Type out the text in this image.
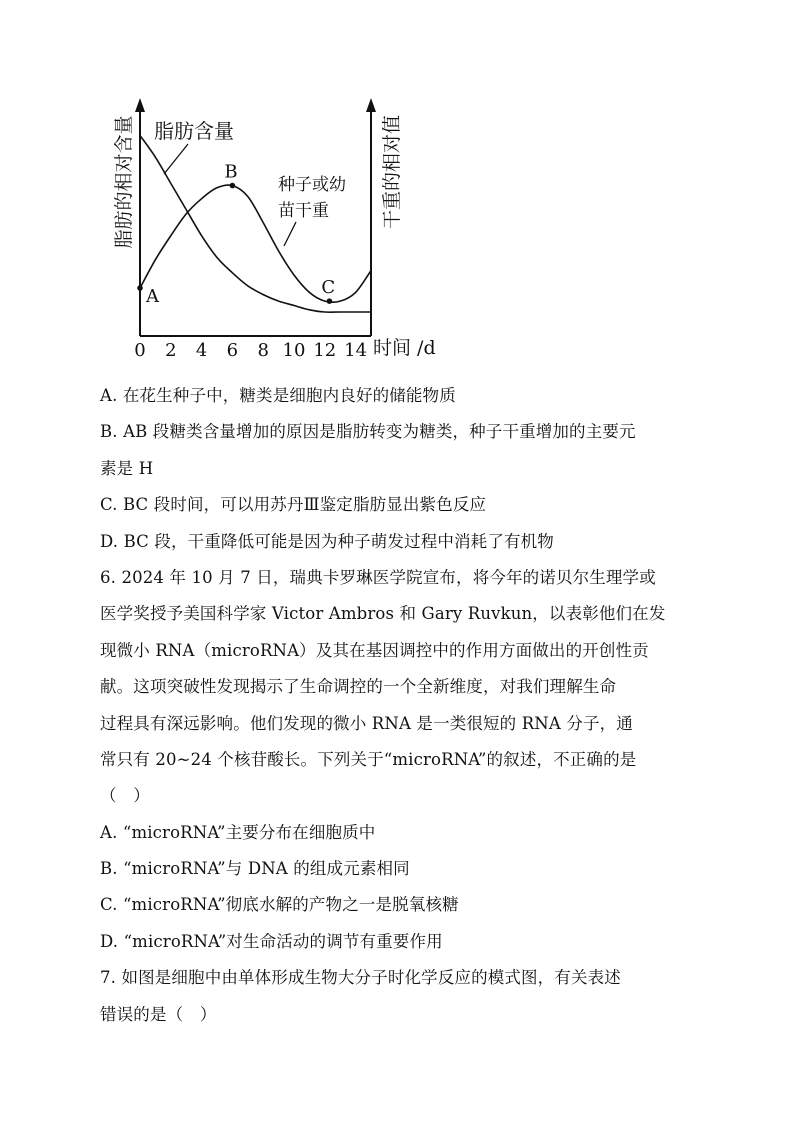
脂肪的相对含量	干重的相对值
时间 /d
脂肪含量
种子或幼
苗干重
0 2 4 6 8 10 12 14
A
B
C
A. 在花生种子中，糖类是细胞内良好的储能物质
B. AB 段糖类含量增加的原因是脂肪转变为糖类，种子干重增加的主要元
素是 H
C. BC 段时间，可以用苏丹Ⅲ鉴定脂肪显出紫色反应
D. BC 段，干重降低可能是因为种子萌发过程中消耗了有机物
6. 2024 年 10 月 7 日，瑞典卡罗琳医学院宣布，将今年的诺贝尔生理学或
医学奖授予美国科学家 Victor Ambros 和 Gary Ruvkun，以表彰他们在发
现微小 RNA（microRNA）及其在基因调控中的作用方面做出的开创性贡
献。这项突破性发现揭示了生命调控的一个全新维度，对我们理解生命
过程具有深远影响。他们发现的微小 RNA 是一类很短的 RNA 分子，通
常只有 20~24 个核苷酸长。下列关于“microRNA”的叙述，不正确的是
（　）
A. “microRNA”主要分布在细胞质中
B. “microRNA”与 DNA 的组成元素相同
C. “microRNA”彻底水解的产物之一是脱氧核糖
D. “microRNA”对生命活动的调节有重要作用
7. 如图是细胞中由单体形成生物大分子时化学反应的模式图，有关表述
错误的是（　）
